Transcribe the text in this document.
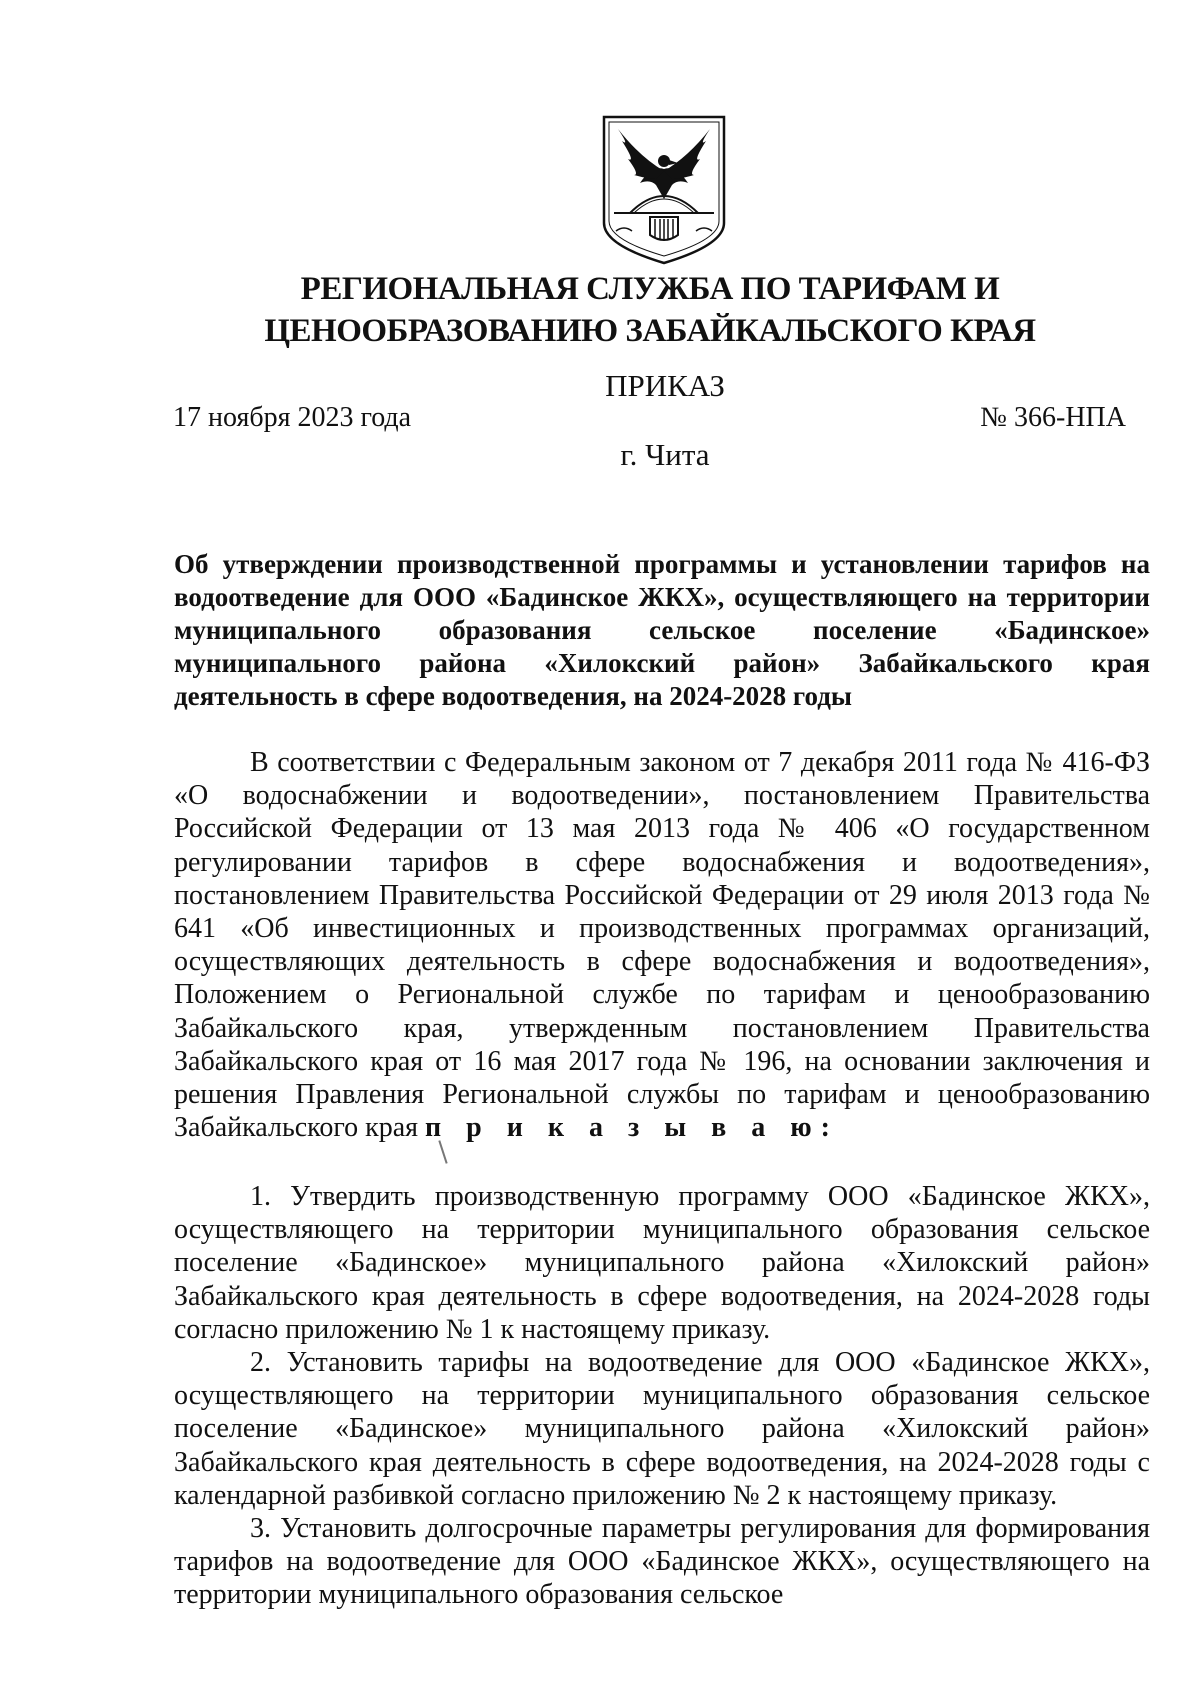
РЕГИОНАЛЬНАЯ СЛУЖБА ПО ТАРИФАМ И
ЦЕНООБРАЗОВАНИЮ ЗАБАЙКАЛЬСКОГО КРАЯ
ПРИКАЗ
17 ноября 2023 года	№ 366-НПА
г. Чита
Об утверждении производственной программы и установлении тарифов на водоотведение для ООО «Бадинское ЖКХ», осуществляющего на территории муниципального образования сельское поселение «Бадинское» муниципального района «Хилокский район» Забайкальского края деятельность в сфере водоотведения, на 2024-2028 годы

В соответствии с Федеральным законом от 7 декабря 2011 года № 416-ФЗ «О водоснабжении и водоотведении», постановлением Правительства Российской Федерации от 13 мая 2013 года № 406 «О государственном регулировании тарифов в сфере водоснабжения и водоотведения», постановлением Правительства Российской Федерации от 29 июля 2013 года № 641 «Об инвестиционных и производственных программах организаций, осуществляющих деятельность в сфере водоснабжения и водоотведения», Положением о Региональной службе по тарифам и ценообразованию Забайкальского края, утвержденным постановлением Правительства Забайкальского края от 16 мая 2017 года № 196, на основании заключения и решения Правления Региональной службы по тарифам и ценообразованию Забайкальского края п р и к а з ы в а ю:

1. Утвердить производственную программу ООО «Бадинское ЖКХ», осуществляющего на территории муниципального образования сельское поселение «Бадинское» муниципального района «Хилокский район» Забайкальского края деятельность в сфере водоотведения, на 2024-2028 годы согласно приложению № 1 к настоящему приказу.

2. Установить тарифы на водоотведение для ООО «Бадинское ЖКХ», осуществляющего на территории муниципального образования сельское поселение «Бадинское» муниципального района «Хилокский район» Забайкальского края деятельность в сфере водоотведения, на 2024-2028 годы с календарной разбивкой согласно приложению № 2 к настоящему приказу.

3. Установить долгосрочные параметры регулирования для формирования тарифов на водоотведение для ООО «Бадинское ЖКХ», осуществляющего на территории муниципального образования сельское
